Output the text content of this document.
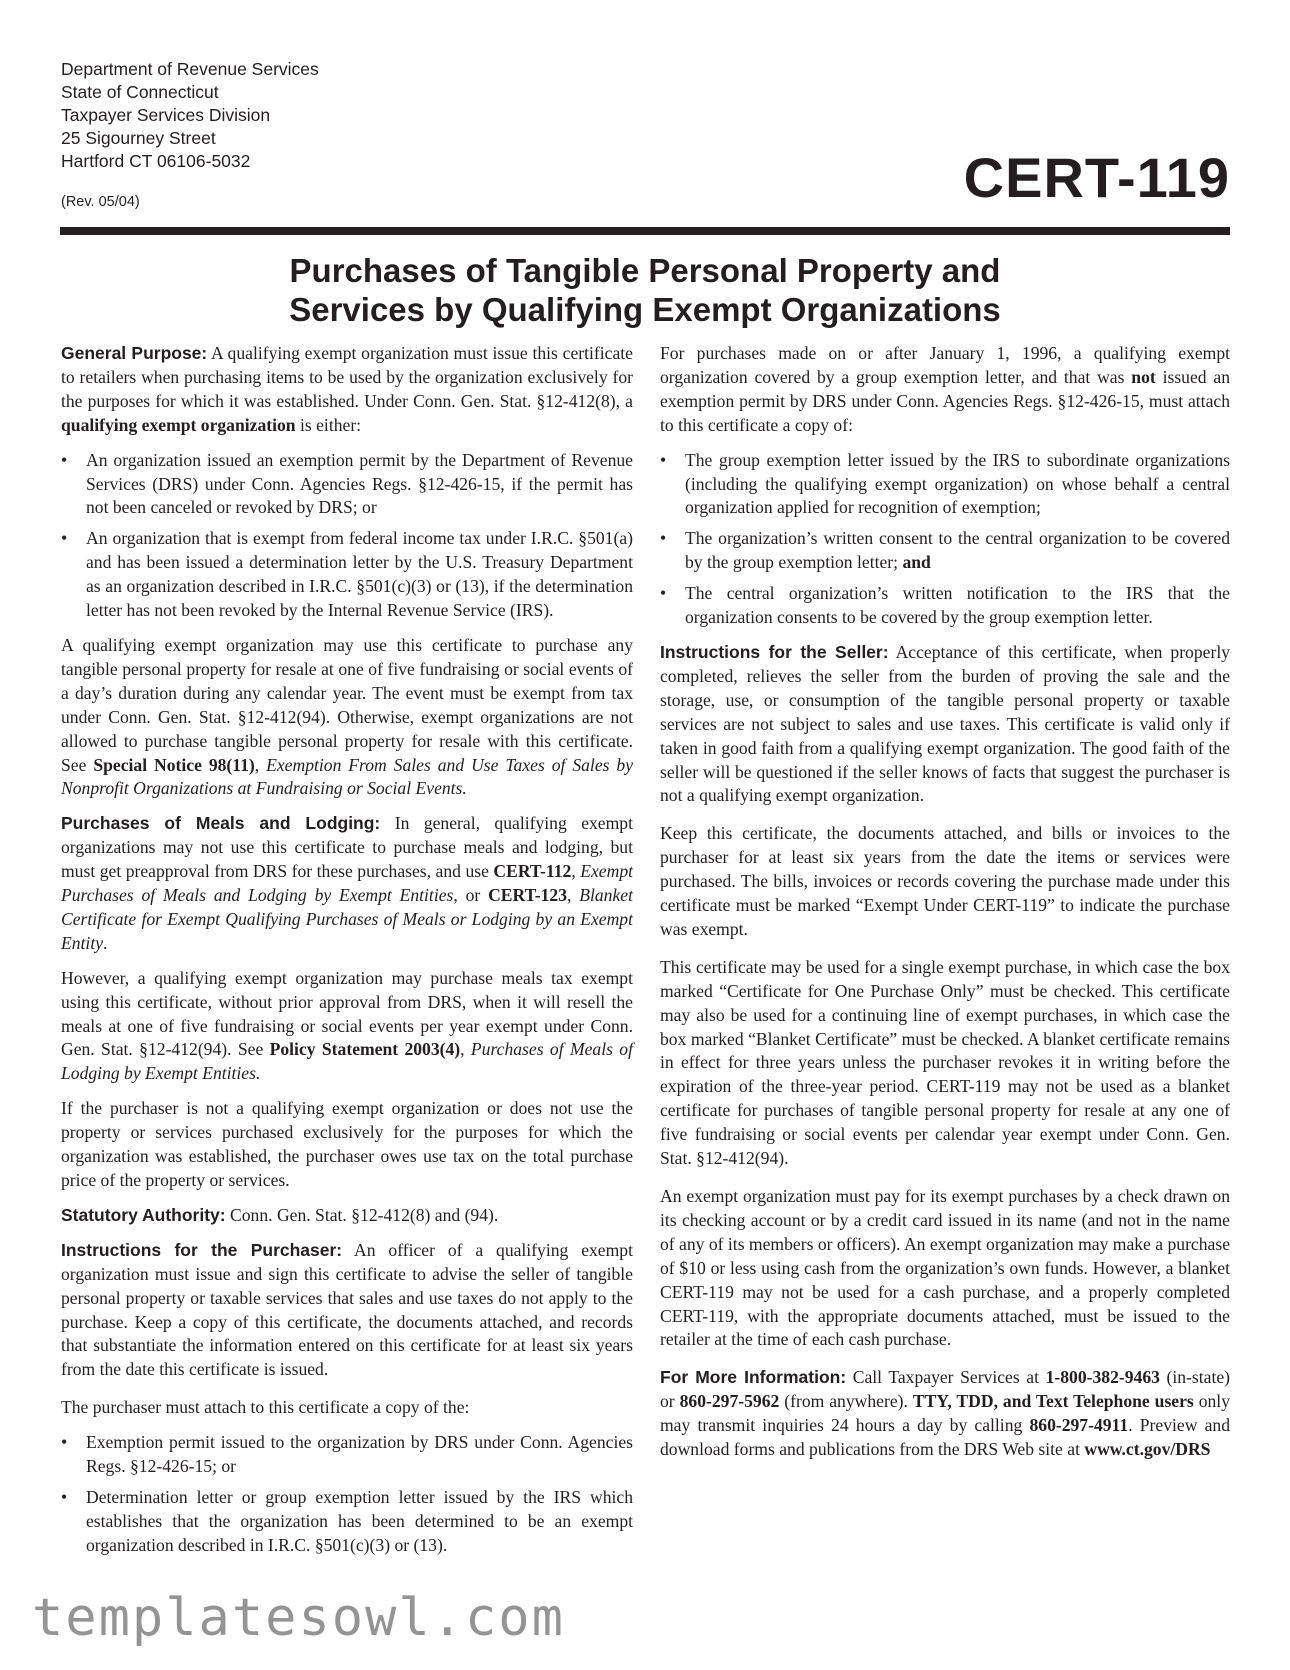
Department of Revenue Services
State of Connecticut
Taxpayer Services Division
25 Sigourney Street
Hartford CT 06106-5032
(Rev. 05/04)	CERT-119
Purchases of Tangible Personal Property and
Services by Qualifying Exempt Organizations

General Purpose: A qualifying exempt organization must issue this certificate to retailers when purchasing items to be used by the organization exclusively for the purposes for which it was established. Under Conn. Gen. Stat. §12-412(8), a qualifying exempt organization is either:

• An organization issued an exemption permit by the Department of Revenue Services (DRS) under Conn. Agencies Regs. §12-426-15, if the permit has not been canceled or revoked by DRS; or
• An organization that is exempt from federal income tax under I.R.C. §501(a) and has been issued a determination letter by the U.S. Treasury Department as an organization described in I.R.C. §501(c)(3) or (13), if the determination letter has not been revoked by the Internal Revenue Service (IRS).

A qualifying exempt organization may use this certificate to purchase any tangible personal property for resale at one of five fundraising or social events of a day’s duration during any calendar year. The event must be exempt from tax under Conn. Gen. Stat. §12-412(94). Otherwise, exempt organizations are not allowed to purchase tangible personal property for resale with this certificate. See Special Notice 98(11), Exemption From Sales and Use Taxes of Sales by Nonprofit Organizations at Fundraising or Social Events.

Purchases of Meals and Lodging: In general, qualifying exempt organizations may not use this certificate to purchase meals and lodging, but must get preapproval from DRS for these purchases, and use CERT-112, Exempt Purchases of Meals and Lodging by Exempt Entities, or CERT-123, Blanket Certificate for Exempt Qualifying Purchases of Meals or Lodging by an Exempt Entity.

However, a qualifying exempt organization may purchase meals tax exempt using this certificate, without prior approval from DRS, when it will resell the meals at one of five fundraising or social events per year exempt under Conn. Gen. Stat. §12-412(94). See Policy Statement 2003(4), Purchases of Meals of Lodging by Exempt Entities.

If the purchaser is not a qualifying exempt organization or does not use the property or services purchased exclusively for the purposes for which the organization was established, the purchaser owes use tax on the total purchase price of the property or services.

Statutory Authority: Conn. Gen. Stat. §12-412(8) and (94).

Instructions for the Purchaser: An officer of a qualifying exempt organization must issue and sign this certificate to advise the seller of tangible personal property or taxable services that sales and use taxes do not apply to the purchase. Keep a copy of this certificate, the documents attached, and records that substantiate the information entered on this certificate for at least six years from the date this certificate is issued.

The purchaser must attach to this certificate a copy of the:

• Exemption permit issued to the organization by DRS under Conn. Agencies Regs. §12-426-15; or
• Determination letter or group exemption letter issued by the IRS which establishes that the organization has been determined to be an exempt organization described in I.R.C. §501(c)(3) or (13).

For purchases made on or after January 1, 1996, a qualifying exempt organization covered by a group exemption letter, and that was not issued an exemption permit by DRS under Conn. Agencies Regs. §12-426-15, must attach to this certificate a copy of:

• The group exemption letter issued by the IRS to subordinate organizations (including the qualifying exempt organization) on whose behalf a central organization applied for recognition of exemption;
• The organization’s written consent to the central organization to be covered by the group exemption letter; and
• The central organization’s written notification to the IRS that the organization consents to be covered by the group exemption letter.

Instructions for the Seller: Acceptance of this certificate, when properly completed, relieves the seller from the burden of proving the sale and the storage, use, or consumption of the tangible personal property or taxable services are not subject to sales and use taxes. This certificate is valid only if taken in good faith from a qualifying exempt organization. The good faith of the seller will be questioned if the seller knows of facts that suggest the purchaser is not a qualifying exempt organization.

Keep this certificate, the documents attached, and bills or invoices to the purchaser for at least six years from the date the items or services were purchased. The bills, invoices or records covering the purchase made under this certificate must be marked “Exempt Under CERT-119” to indicate the purchase was exempt.

This certificate may be used for a single exempt purchase, in which case the box marked “Certificate for One Purchase Only” must be checked. This certificate may also be used for a continuing line of exempt purchases, in which case the box marked “Blanket Certificate” must be checked. A blanket certificate remains in effect for three years unless the purchaser revokes it in writing before the expiration of the three-year period. CERT-119 may not be used as a blanket certificate for purchases of tangible personal property for resale at any one of five fundraising or social events per calendar year exempt under Conn. Gen. Stat. §12-412(94).

An exempt organization must pay for its exempt purchases by a check drawn on its checking account or by a credit card issued in its name (and not in the name of any of its members or officers). An exempt organization may make a purchase of $10 or less using cash from the organization’s own funds. However, a blanket CERT-119 may not be used for a cash purchase, and a properly completed CERT-119, with the appropriate documents attached, must be issued to the retailer at the time of each cash purchase.

For More Information: Call Taxpayer Services at 1-800-382-9463 (in-state) or 860-297-5962 (from anywhere). TTY, TDD, and Text Telephone users only may transmit inquiries 24 hours a day by calling 860-297-4911. Preview and download forms and publications from the DRS Web site at www.ct.gov/DRS

templatesowl.com
